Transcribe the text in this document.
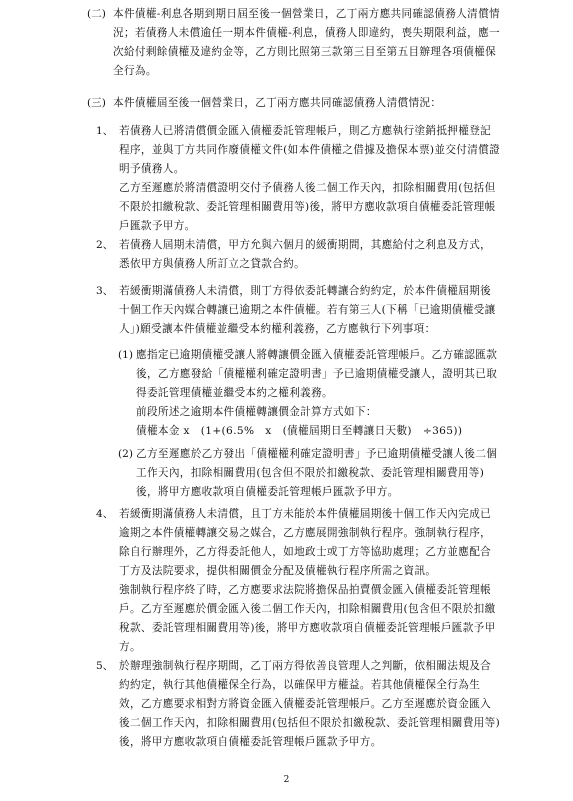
(二) 本件債權-利息各期到期日屆至後一個營業日，乙丁兩方應共同確認債務人清償情
況；若債務人未償逾任一期本件債權-利息，債務人即違約，喪失期限利益，應一
次給付剩餘債權及違約金等，乙方則比照第三款第三目至第五目辦理各項債權保
全行為。
(三) 本件債權屆至後一個營業日，乙丁兩方應共同確認債務人清償情況：
1、 若債務人已將清償價金匯入債權委託管理帳戶，則乙方應執行塗銷抵押權登記
程序，並與丁方共同作廢債權文件(如本件債權之借據及擔保本票)並交付清償證
明予債務人。
乙方至遲應於將清償證明交付予債務人後二個工作天內，扣除相關費用(包括但
不限於扣繳稅款、委託管理相關費用等)後，將甲方應收款項自債權委託管理帳
戶匯款予甲方。
2、 若債務人屆期未清償，甲方允與六個月的緩衝期間，其應給付之利息及方式，
悉依甲方與債務人所訂立之貸款合約。
3、 若緩衝期滿債務人未清償，則丁方得依委託轉讓合約約定，於本件債權屆期後
十個工作天內媒合轉讓已逾期之本件債權。若有第三人(下稱「已逾期債權受讓
人」)願受讓本件債權並繼受本約權利義務，乙方應執行下列事項：
(1) 應指定已逾期債權受讓人將轉讓價金匯入債權委託管理帳戶。乙方確認匯款
後，乙方應發給「債權權利確定證明書」予已逾期債權受讓人，證明其已取
得委託管理債權並繼受本約之權利義務。
前段所述之逾期本件債權轉讓價金計算方式如下：
債權本金 x　(1+(6.5%　x　(債權屆期日至轉讓日天數)　÷365))
(2) 乙方至遲應於乙方發出「債權權利確定證明書」予已逾期債權受讓人後二個
工作天內，扣除相關費用(包含但不限於扣繳稅款、委託管理相關費用等)
後，將甲方應收款項自債權委託管理帳戶匯款予甲方。
4、 若緩衝期滿債務人未清償，且丁方未能於本件債權屆期後十個工作天內完成已
逾期之本件債權轉讓交易之媒合，乙方應展開強制執行程序。強制執行程序，
除自行辦理外，乙方得委託他人，如地政士或丁方等協助處理；乙方並應配合
丁方及法院要求，提供相關價金分配及債權執行程序所需之資訊。
強制執行程序終了時，乙方應要求法院將擔保品拍賣價金匯入債權委託管理帳
戶。乙方至遲應於價金匯入後二個工作天內，扣除相關費用(包含但不限於扣繳
稅款、委託管理相關費用等)後，將甲方應收款項自債權委託管理帳戶匯款予甲
方。
5、 於辦理強制執行程序期間，乙丁兩方得依善良管理人之判斷，依相關法規及合
約約定，執行其他債權保全行為，以確保甲方權益。若其他債權保全行為生
效，乙方應要求相對方將資金匯入債權委託管理帳戶。乙方至遲應於資金匯入
後二個工作天內，扣除相關費用(包括但不限於扣繳稅款、委託管理相關費用等)
後，將甲方應收款項自債權委託管理帳戶匯款予甲方。
2
